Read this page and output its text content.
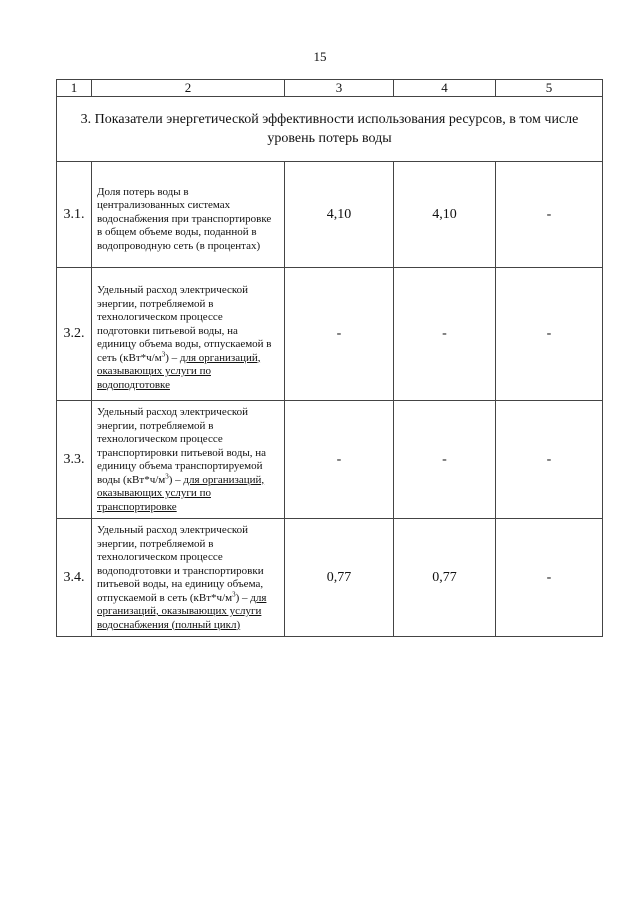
15
1	2	3	4	5
3. Показатели энергетической эффективности использования ресурсов, в том числе уровень потерь воды				
3.1.	Доля потерь воды в централизованных системах водоснабжения при транспортировке в общем объеме воды, поданной в водопроводную сеть (в процентах)	4,10	4,10	-
3.2.	Удельный расход электрической энергии, потребляемой в технологическом процессе подготовки питьевой воды, на единицу объема воды, отпускаемой в сеть $(кВт*ч/м^3)$ – для организаций, оказывающих услуги по водоподготовке	-	-	-
3.3.	Удельный расход электрической энергии, потребляемой в технологическом процессе транспортировки питьевой воды, на единицу объема транспортируемой воды $(кВт*ч/м^3)$ – для организаций, оказывающих услуги по транспортировке	-	-	-
3.4.	Удельный расход электрической энергии, потребляемой в технологическом процессе водоподготовки и транспортировки питьевой воды, на единицу объема, отпускаемой в сеть $(кВт*ч/м^3)$ – для организаций, оказывающих услуги водоснабжения (полный цикл)	0,77	0,77	-
